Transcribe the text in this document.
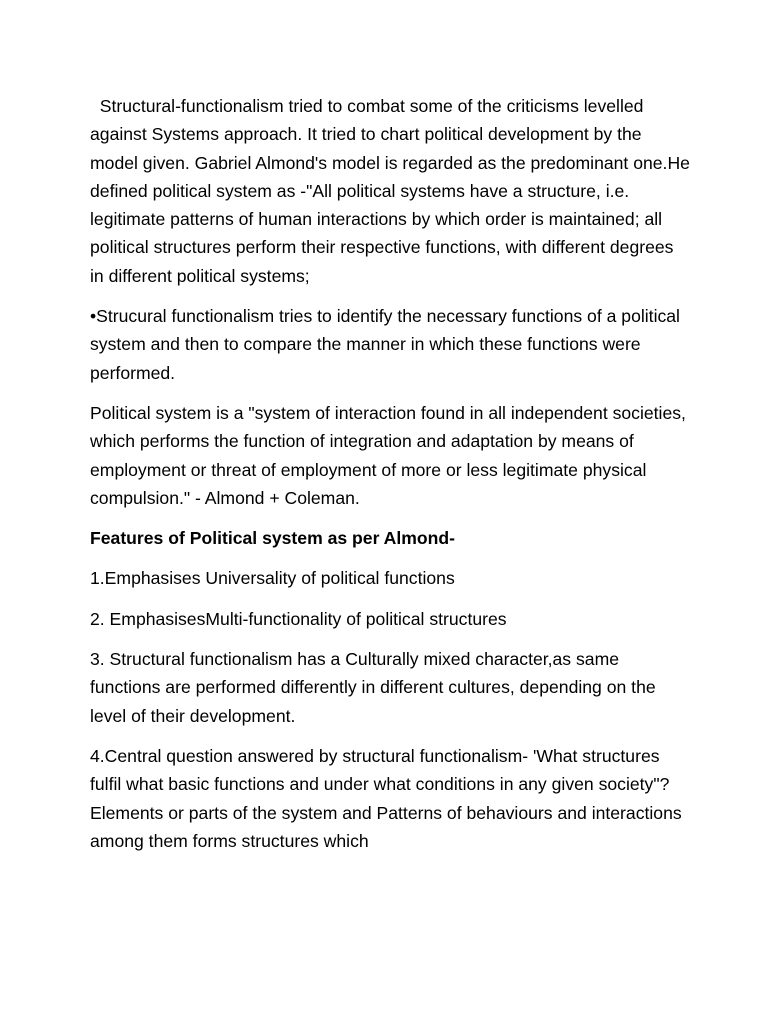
Structural-functionalism tried to combat some of the criticisms levelled against Systems approach. It tried to chart political development by the model given. Gabriel Almond's model is regarded as the predominant one.He  defined political system as -"All political systems have a structure, i.e. legitimate patterns of human interactions by which order is maintained; all political structures perform their respective functions, with different degrees in different political systems;

•Strucural functionalism tries to identify the necessary functions of a political system and then to compare the manner in which these functions were performed.

Political system is a "system of interaction found in all independent societies, which performs the function of integration and adaptation by means of employment or threat of employment of more or less legitimate physical compulsion." - Almond + Coleman.

Features of Political system as per Almond-

1.Emphasises Universality of political functions

2. EmphasisesMulti-functionality of political structures

3. Structural functionalism has a Culturally mixed character,as same functions are performed differently in different cultures, depending on the level of their development.

4.Central question answered by structural functionalism- 'What structures fulfil what basic functions and under what conditions in any given society"? Elements or parts of the system and Patterns of behaviours and interactions among them forms structures which
